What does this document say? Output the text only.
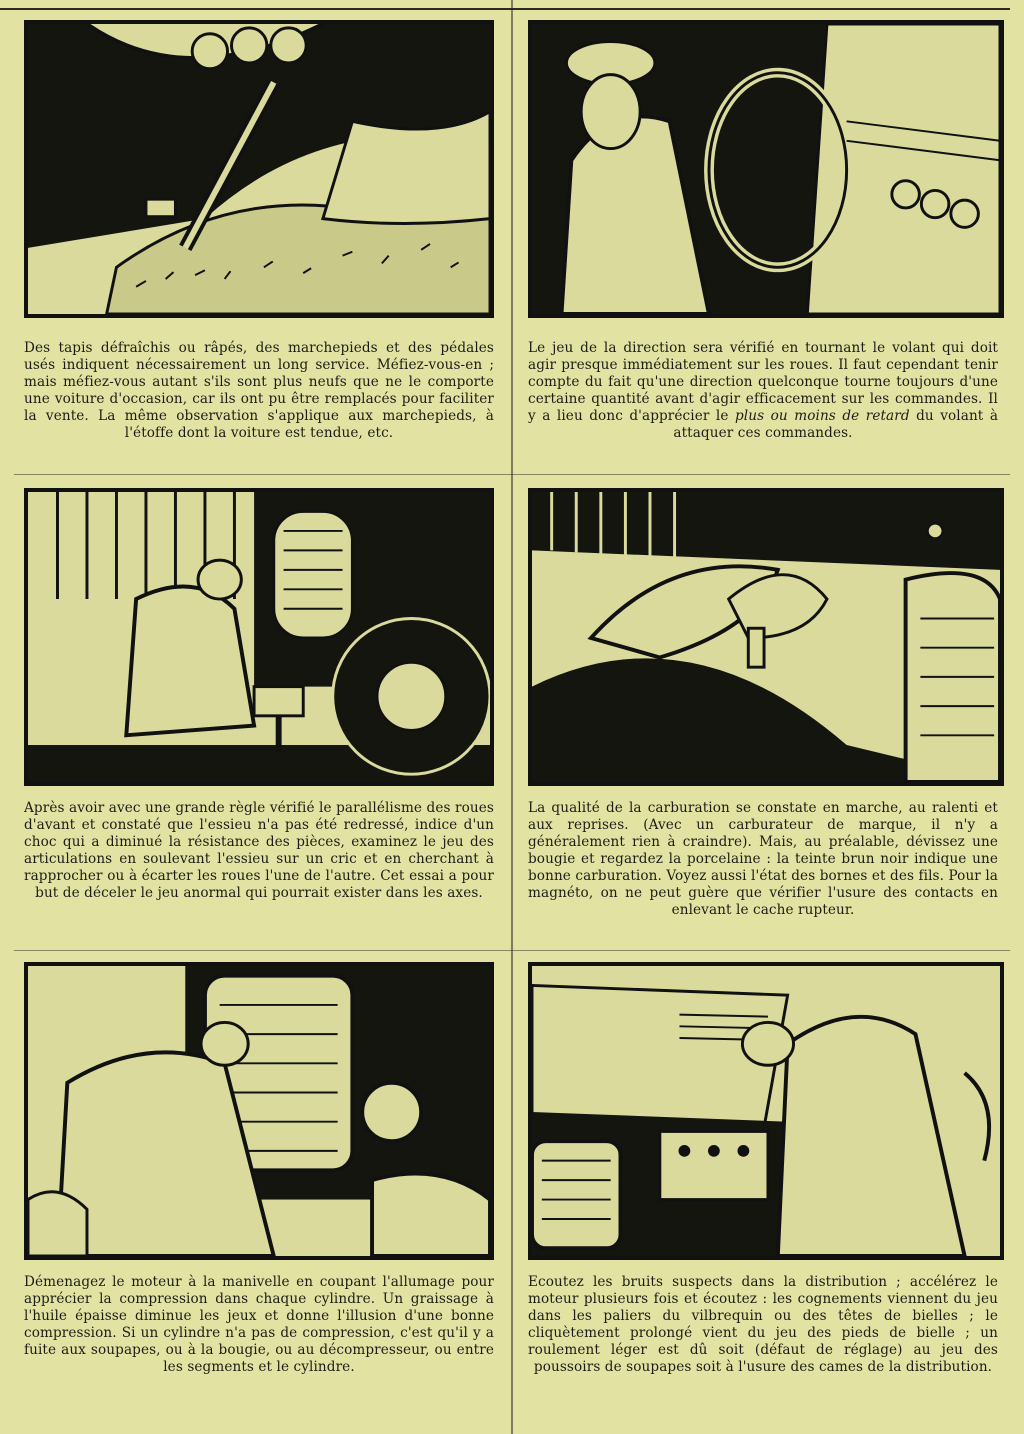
Des tapis défraîchis ou râpés, des marchepieds et des pédales usés indiquent nécessairement un long service. Méfiez-vous-en ; mais méfiez-vous autant s'ils sont plus neufs que ne le comporte une voiture d'occasion, car ils ont pu être remplacés pour faciliter la vente. La même observation s'applique aux marchepieds, à l'étoffe dont la voiture est tendue, etc.
Le jeu de la direction sera vérifié en tournant le volant qui doit agir presque immédiatement sur les roues. Il faut cependant tenir compte du fait qu'une direction quelconque tourne toujours d'une certaine quantité avant d'agir efficacement sur les commandes. Il y a lieu donc d'apprécier le plus ou moins de retard du volant à attaquer ces commandes.
Après avoir avec une grande règle vérifié le parallélisme des roues d'avant et constaté que l'essieu n'a pas été redressé, indice d'un choc qui a diminué la résistance des pièces, examinez le jeu des articulations en soulevant l'essieu sur un cric et en cherchant à rapprocher ou à écarter les roues l'une de l'autre. Cet essai a pour but de déceler le jeu anormal qui pourrait exister dans les axes.
La qualité de la carburation se constate en marche, au ralenti et aux reprises. (Avec un carburateur de marque, il n'y a généralement rien à craindre). Mais, au préalable, dévissez une bougie et regardez la porcelaine : la teinte brun noir indique une bonne carburation. Voyez aussi l'état des bornes et des fils. Pour la magnéto, on ne peut guère que vérifier l'usure des contacts en enlevant le cache rupteur.
Démenagez le moteur à la manivelle en coupant l'allumage pour apprécier la compression dans chaque cylindre. Un graissage à l'huile épaisse diminue les jeux et donne l'illusion d'une bonne compression. Si un cylindre n'a pas de compression, c'est qu'il y a fuite aux soupapes, ou à la bougie, ou au décompresseur, ou entre les segments et le cylindre.
Ecoutez les bruits suspects dans la distribution ; accélérez le moteur plusieurs fois et écoutez : les cognements viennent du jeu dans les paliers du vilbrequin ou des têtes de bielles ; le cliquètement prolongé vient du jeu des pieds de bielle ; un roulement léger est dû soit (défaut de réglage) au jeu des poussoirs de soupapes soit à l'usure des cames de la distribution.
